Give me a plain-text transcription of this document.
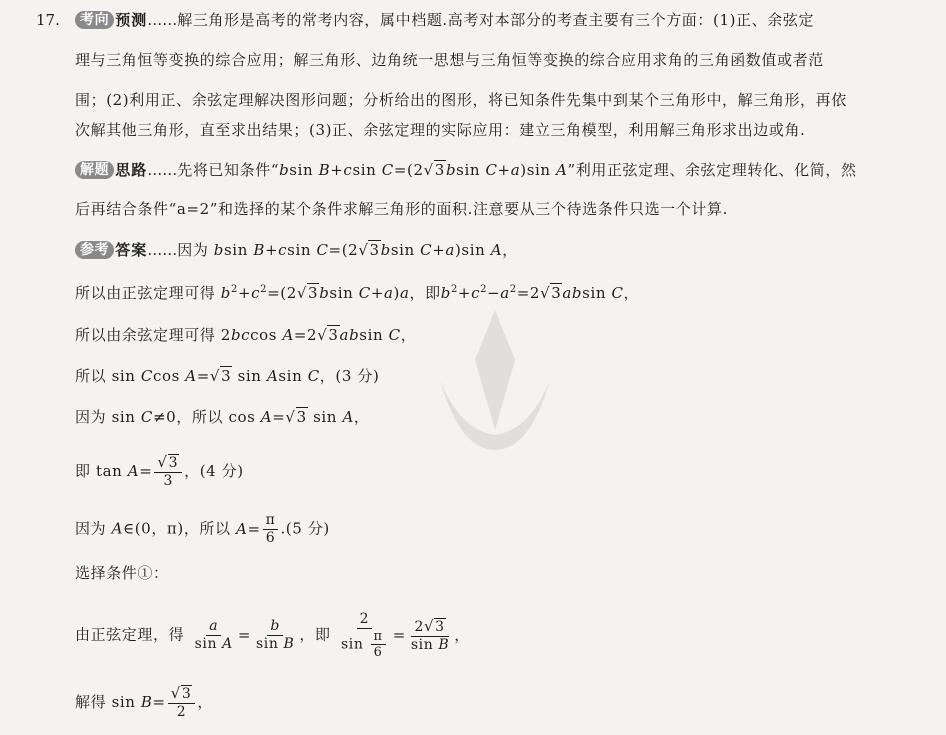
17.	考向 预测……解三角形是高考的常考内容，属中档题.高考对本部分的考查主要有三个方面：(1)正、余弦定
理与三角恒等变换的综合应用；解三角形、边角统一思想与三角恒等变换的综合应用求角的三角函数值或者范
围；(2)利用正、余弦定理解决图形问题；分析给出的图形，将已知条件先集中到某个三角形中，解三角形，再依
次解其他三角形，直至求出结果；(3)正、余弦定理的实际应用：建立三角模型，利用解三角形求出边或角.
解题 思路……先将已知条件“bsin B+csin C=(2√3bsin C+a)sin A”利用正弦定理、余弦定理转化、化简，然
后再结合条件“a=2”和选择的某个条件求解三角形的面积.注意要从三个待选条件只选一个计算.
参考 答案……因为 bsin B+csin C=(2√3bsin C+a)sin A，
所以由正弦定理可得 $b^2+c^2=(2√3bsin$ C+a)a，即$b^2+c^2-a^2=2√3absin$ C，
所以由余弦定理可得 2bccos A=2√3absin C，
所以 sin Ccos A=√3 sin Asin C，(3 分)
因为 sin C≠0，所以 cos A=√3 sin A，
即 $\tan A= \frac{√3}{3}$ ，(4 分)
因为 A∈(0，π)，所以 $A= \frac{\pi}{6} .(5$ 分)
选择条件①：
由正弦定理，得 $\frac{a}{\text{sin A}} = \frac{b}{\text{sin B}}$ ，即 $\frac{2}{\sin \frac{\pi}{6}} = \frac{2√3}{\text{sin B}}$ ，
解得 $\sin B= \frac{√3}{2}$ ，
